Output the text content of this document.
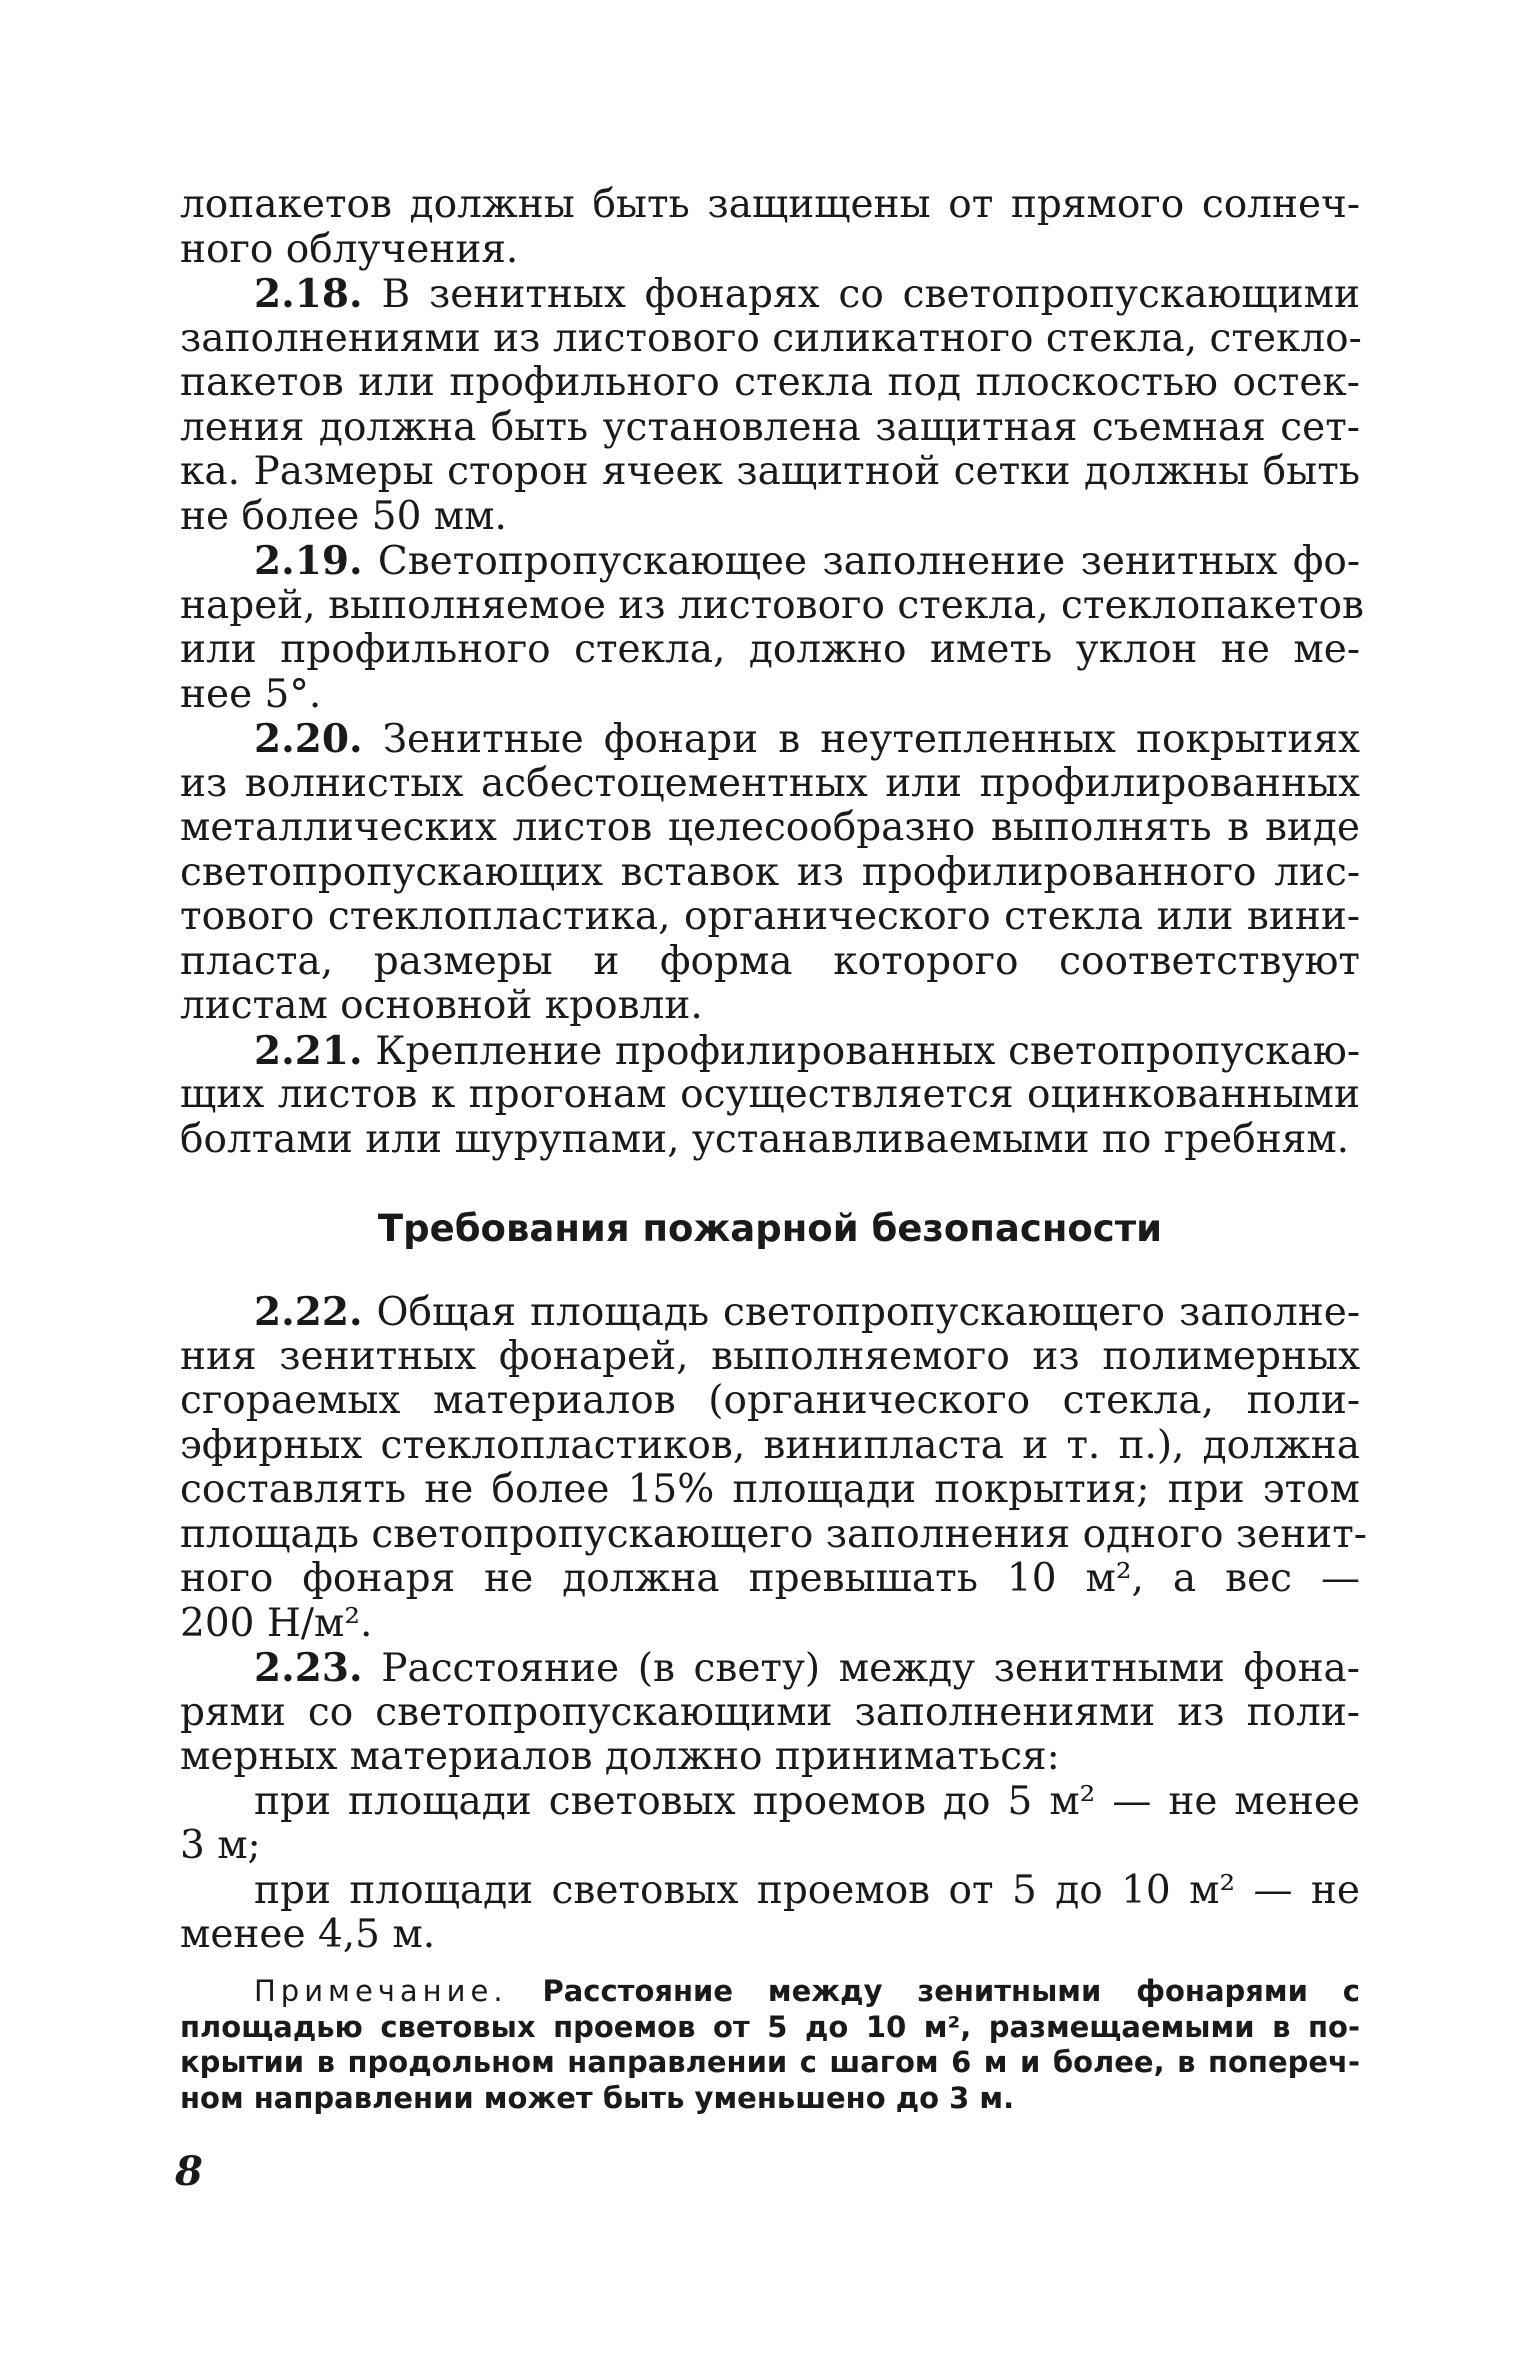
лопакетов должны быть защищены от прямого солнеч-
ного облучения.
2.18. В зенитных фонарях со светопропускающими
заполнениями из листового силикатного стекла, стекло-
пакетов или профильного стекла под плоскостью остек-
ления должна быть установлена защитная съемная сет-
ка. Размеры сторон ячеек защитной сетки должны быть
не более 50 мм.
2.19. Светопропускающее заполнение зенитных фо-
нарей, выполняемое из листового стекла, стеклопакетов
или профильного стекла, должно иметь уклон не ме-
нее 5°.
2.20. Зенитные фонари в неутепленных покрытиях
из волнистых асбестоцементных или профилированных
металлических листов целесообразно выполнять в виде
светопропускающих вставок из профилированного лис-
тового стеклопластика, органического стекла или вини-
пласта, размеры и форма которого соответствуют
листам основной кровли.
2.21. Крепление профилированных светопропускаю-
щих листов к прогонам осуществляется оцинкованными
болтами или шурупами, устанавливаемыми по гребням.
Требования пожарной безопасности
2.22. Общая площадь светопропускающего заполне-
ния зенитных фонарей, выполняемого из полимерных
сгораемых материалов (органического стекла, поли-
эфирных стеклопластиков, винипласта и т. п.), должна
составлять не более 15% площади покрытия; при этом
площадь светопропускающего заполнения одного зенит-
ного фонаря не должна превышать 10 м², а вес —
200 Н/м².
2.23. Расстояние (в свету) между зенитными фона-
рями со светопропускающими заполнениями из поли-
мерных материалов должно приниматься:
при площади световых проемов до 5 м² — не менее
3 м;
при площади световых проемов от 5 до 10 м² — не
менее 4,5 м.
Примечание. Расстояние между зенитными фонарями с
площадью световых проемов от 5 до 10 м², размещаемыми в по-
крытии в продольном направлении с шагом 6 м и более, в попереч-
ном направлении может быть уменьшено до 3 м.
8
